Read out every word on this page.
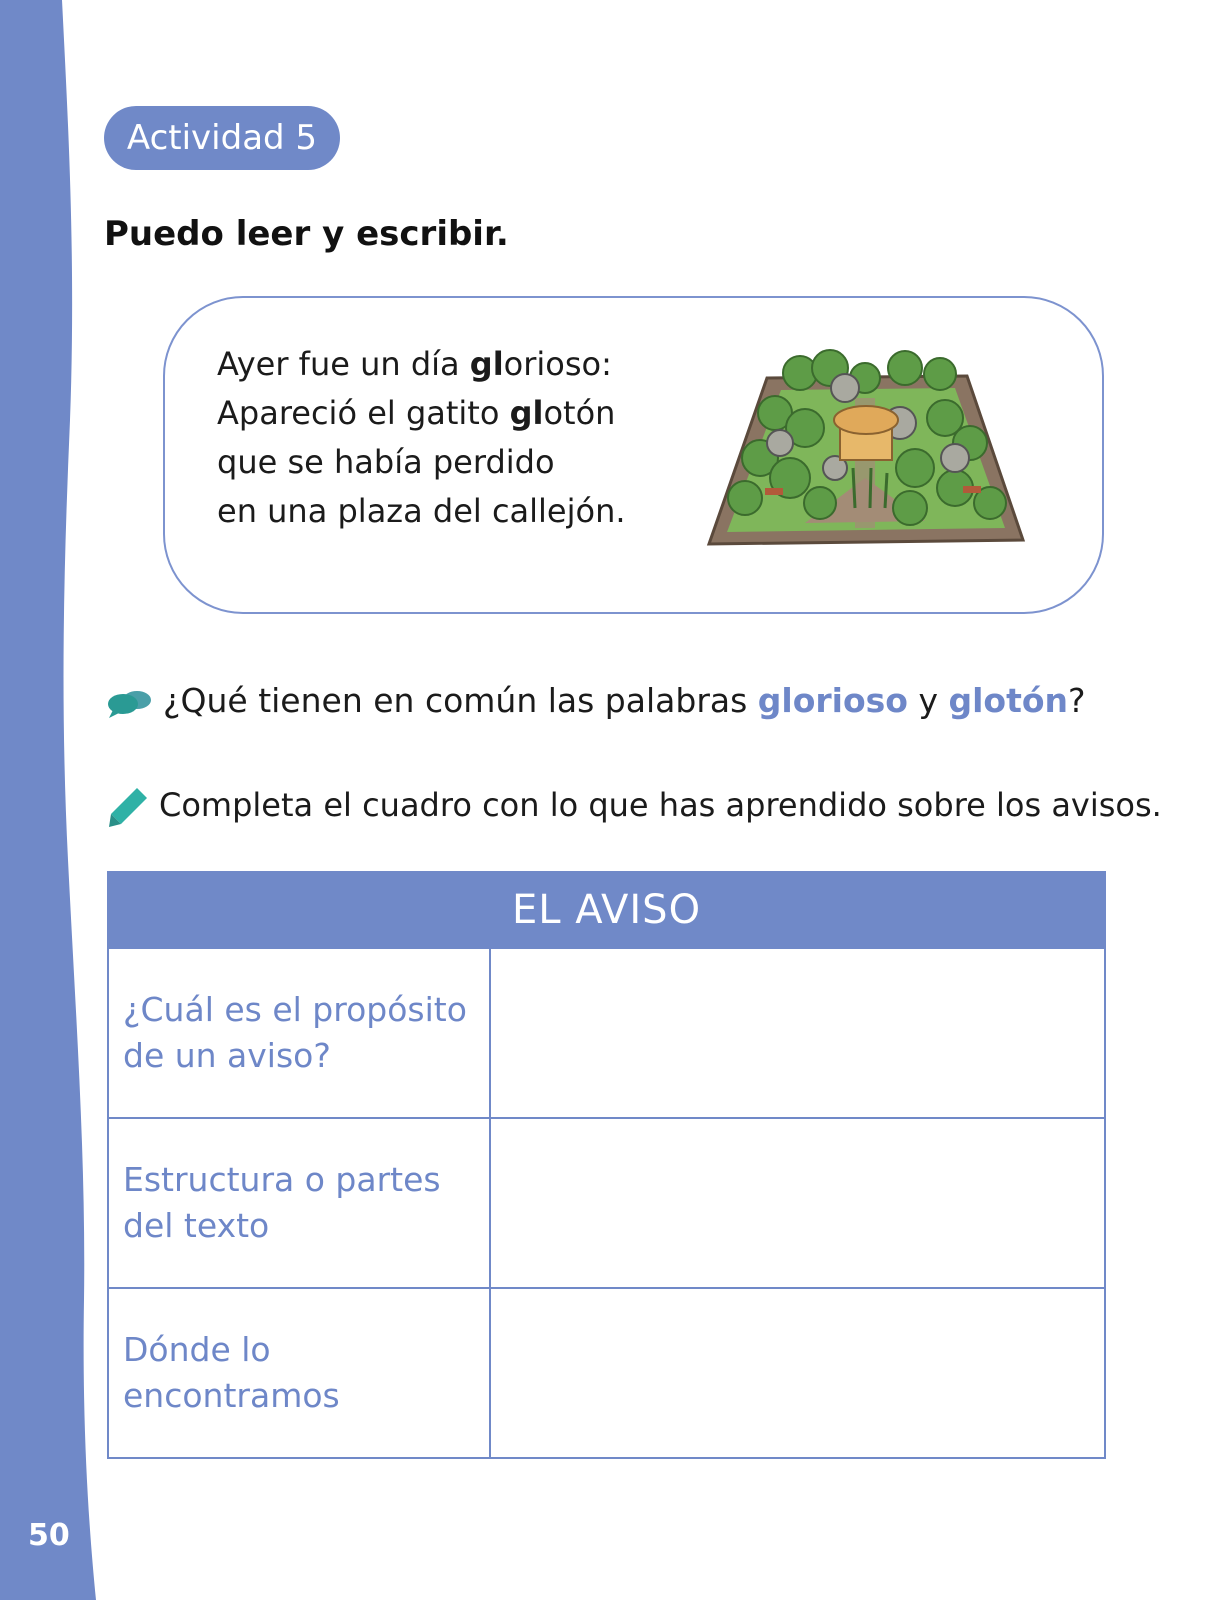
50
Actividad 5
Puedo leer y escribir.
Ayer fue un día glorioso:
Apareció el gatito glotón
que se había perdido
en una plaza del callejón.
¿Qué tienen en común las palabras glorioso y glotón?
Completa el cuadro con lo que has aprendido sobre los avisos.
EL AVISO	
¿Cuál es el propósito de un aviso?	
Estructura o partes del texto	
Dónde lo encontramos	
